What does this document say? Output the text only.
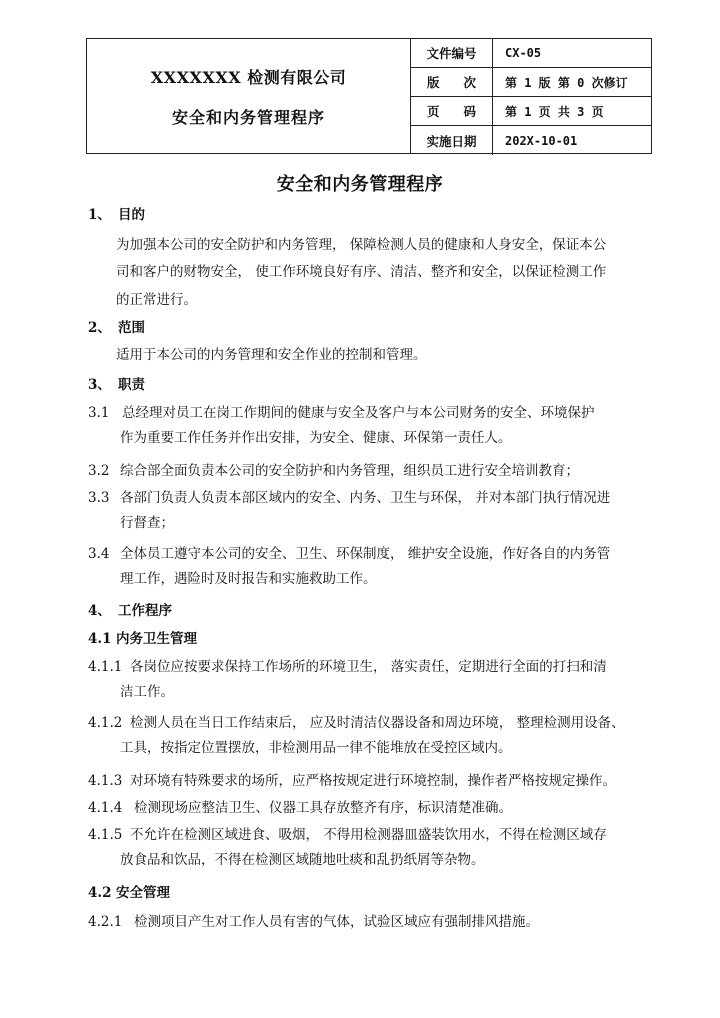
XXXXXXX 检测有限公司
安全和内务管理程序
文件编号	CX-05
版 次	第 1 版 第 0 次修订
页 码	第 1 页 共 3 页
实施日期	202X-10-01
安全和内务管理程序
1、 目的
为加强本公司的安全防护和内务管理， 保障检测人员的健康和人身安全，保证本公
司和客户的财物安全， 使工作环境良好有序、清洁、整齐和安全，以保证检测工作
的正常进行。
2、 范围
适用于本公司的内务管理和安全作业的控制和管理。
3、 职责
3.1 总经理对员工在岗工作期间的健康与安全及客户与本公司财务的安全、环境保护
作为重要工作任务并作出安排，为安全、健康、环保第一责任人。
3.2 综合部全面负责本公司的安全防护和内务管理，组织员工进行安全培训教育；
3.3 各部门负责人负责本部区域内的安全、内务、卫生与环保， 并对本部门执行情况进
行督查；
3.4 全体员工遵守本公司的安全、卫生、环保制度， 维护安全设施，作好各自的内务管
理工作，遇险时及时报告和实施救助工作。
4、 工作程序
4.1 内务卫生管理
4.1.1 各岗位应按要求保持工作场所的环境卫生， 落实责任，定期进行全面的打扫和清
洁工作。
4.1.2 检测人员在当日工作结束后， 应及时清洁仪器设备和周边环境， 整理检测用设备、
工具，按指定位置摆放，非检测用品一律不能堆放在受控区域内。
4.1.3 对环境有特殊要求的场所，应严格按规定进行环境控制，操作者严格按规定操作。
4.1.4 检测现场应整洁卫生、仪器工具存放整齐有序，标识清楚准确。
4.1.5 不允许在检测区域进食、吸烟， 不得用检测器皿盛装饮用水，不得在检测区域存
放食品和饮品，不得在检测区域随地吐痰和乱扔纸屑等杂物。
4.2 安全管理
4.2.1 检测项目产生对工作人员有害的气体，试验区域应有强制排风措施。
